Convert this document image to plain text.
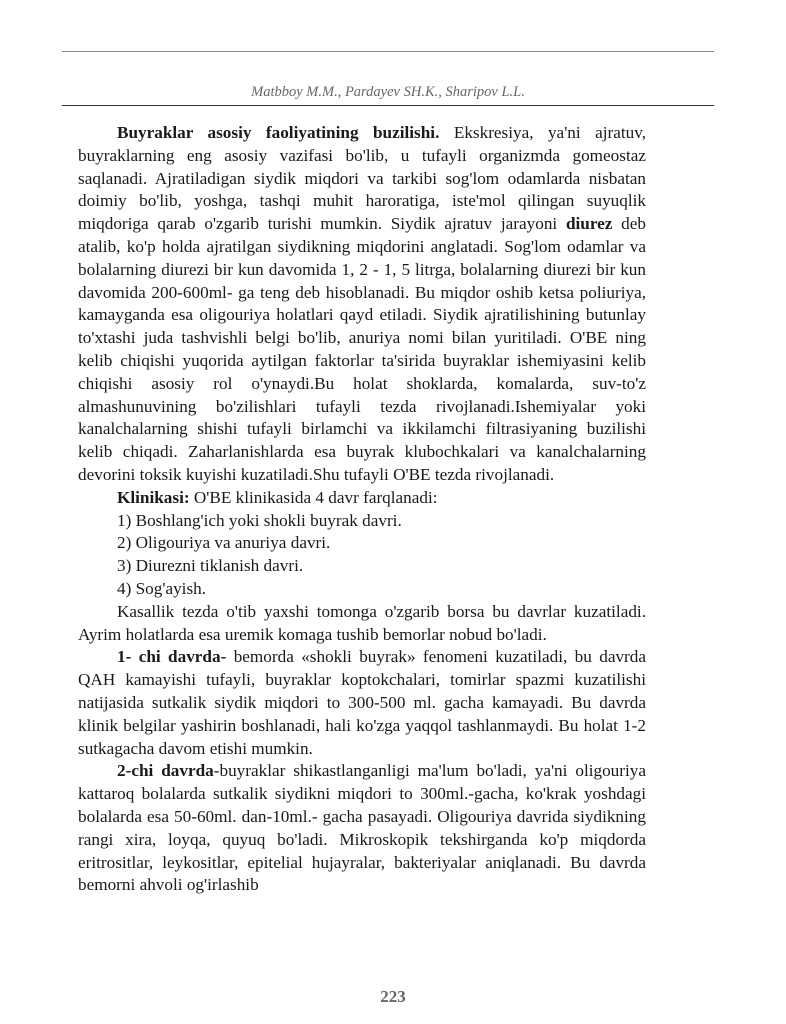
Matbboy M.M., Pardayev SH.K., Sharipov L.L.

Buyraklar asosiy faoliyatining buzilishi. Ekskresiya, ya'ni ajratuv, buyraklarning eng asosiy vazifasi bo'lib, u tufayli organizmda gomeostaz saqlanadi. Ajratiladigan siydik miqdori va tarkibi sog'lom odamlarda nisbatan doimiy bo'lib, yoshga, tashqi muhit haroratiga, iste'mol qilingan suyuqlik miqdoriga qarab o'zgarib turishi mumkin. Siydik ajratuv jarayoni diurez deb atalib, ko'p holda ajratilgan siydikning miqdorini anglatadi. Sog'lom odamlar va bolalarning diurezi bir kun davomida 1, 2 - 1, 5 litrga, bolalarning diurezi bir kun davomida 200-600ml- ga teng deb hisoblanadi. Bu miqdor oshib ketsa poliuriya, kamayganda esa oligouriya holatlari qayd etiladi. Siydik ajratilishining butunlay to'xtashi juda tashvishli belgi bo'lib, anuriya nomi bilan yuritiladi. O'BE ning kelib chiqishi yuqorida aytilgan faktorlar ta'sirida buyraklar ishemiyasini kelib chiqishi asosiy rol o'ynaydi.Bu holat shoklarda, komalarda, suv-to'z almashunuvining bo'zilishlari tufayli tezda rivojlanadi.Ishemiyalar yoki kanalchalarning shishi tufayli birlamchi va ikkilamchi filtrasiyaning buzilishi kelib chiqadi. Zaharlanishlarda esa buyrak klubochkalari va kanalchalarning devorini toksik kuyishi kuzatiladi.Shu tufayli O'BE tezda rivojlanadi.

Klinikasi: O'BE klinikasida 4 davr farqlanadi:

1) Boshlang'ich yoki shokli buyrak davri.

2) Oligouriya va anuriya davri.

3) Diurezni tiklanish davri.

4) Sog'ayish.

Kasallik tezda o'tib yaxshi tomonga o'zgarib borsa bu davrlar kuzatiladi. Ayrim holatlarda esa uremik komaga tushib bemorlar nobud bo'ladi.

1- chi davrda- bemorda «shokli buyrak» fenomeni kuzatiladi, bu davrda QAH kamayishi tufayli, buyraklar koptokchalari, tomirlar spazmi kuzatilishi natijasida sutkalik siydik miqdori to 300-500 ml. gacha kamayadi. Bu davrda klinik belgilar yashirin boshlanadi, hali ko'zga yaqqol tashlanmaydi. Bu holat 1-2 sutkagacha davom etishi mumkin.

2-chi davrda-buyraklar shikastlanganligi ma'lum bo'ladi, ya'ni oligouriya kattaroq bolalarda sutkalik siydikni miqdori to 300ml.-gacha, ko'krak yoshdagi bolalarda esa 50-60ml. dan-10ml.- gacha pasayadi. Oligouriya davrida siydikning rangi xira, loyqa, quyuq bo'ladi. Mikroskopik tekshirganda ko'p miqdorda eritrositlar, leykositlar, epitelial hujayralar, bakteriyalar aniqlanadi. Bu davrda bemorni ahvoli og'irlashib

223
